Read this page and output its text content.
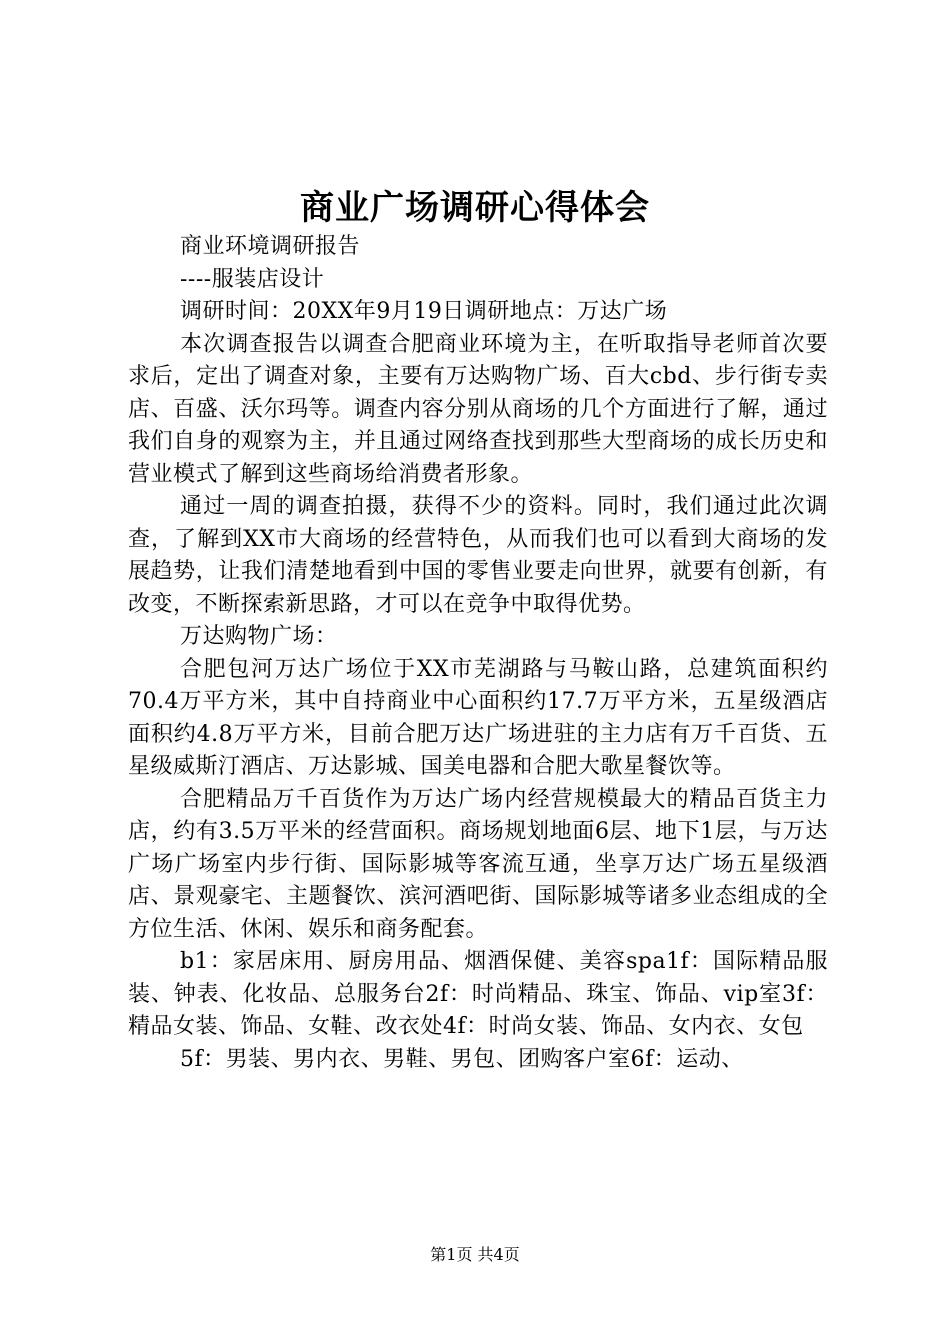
商业广场调研心得体会

商业环境调研报告

----服装店设计

调研时间：20XX年9月19日调研地点：万达广场

本次调查报告以调查合肥商业环境为主，在听取指导老师首次要求后，定出了调查对象，主要有万达购物广场、百大cbd、步行街专卖店、百盛、沃尔玛等。调查内容分别从商场的几个方面进行了解，通过我们自身的观察为主，并且通过网络查找到那些大型商场的成长历史和营业模式了解到这些商场给消费者形象。

通过一周的调查拍摄，获得不少的资料。同时，我们通过此次调查，了解到XX市大商场的经营特色，从而我们也可以看到大商场的发展趋势，让我们清楚地看到中国的零售业要走向世界，就要有创新，有改变，不断探索新思路，才可以在竞争中取得优势。

万达购物广场：

合肥包河万达广场位于XX市芜湖路与马鞍山路，总建筑面积约70.4万平方米，其中自持商业中心面积约17.7万平方米，五星级酒店面积约4.8万平方米，目前合肥万达广场进驻的主力店有万千百货、五星级威斯汀酒店、万达影城、国美电器和合肥大歌星餐饮等。

合肥精品万千百货作为万达广场内经营规模最大的精品百货主力店，约有3.5万平米的经营面积。商场规划地面6层、地下1层，与万达广场广场室内步行街、国际影城等客流互通，坐享万达广场五星级酒店、景观豪宅、主题餐饮、滨河酒吧街、国际影城等诸多业态组成的全方位生活、休闲、娱乐和商务配套。

b1：家居床用、厨房用品、烟酒保健、美容spa1f：国际精品服装、钟表、化妆品、总服务台2f：时尚精品、珠宝、饰品、vip室3f：精品女装、饰品、女鞋、改衣处4f：时尚女装、饰品、女内衣、女包

5f：男装、男内衣、男鞋、男包、团购客户室6f：运动、

第1页 共4页
